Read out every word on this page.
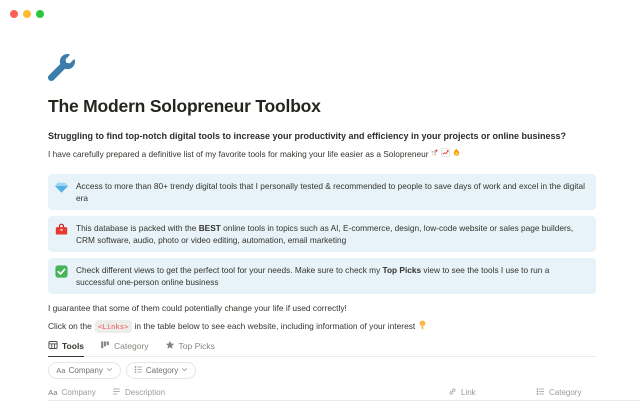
The Modern Solopreneur Toolbox

Struggling to find top-notch digital tools to increase your productivity and efficiency in your projects or online business?

I have carefully prepared a definitive list of my favorite tools for making your life easier as a Solopreneur

Access to more than 80+ trendy digital tools that I personally tested & recommended to people to save days of work and excel in the digital era
This database is packed with the BEST online tools in topics such as AI, E-commerce, design, low-code website or sales page builders, CRM software, audio, photo or video editing, automation, email marketing
Check different views to get the perfect tool for your needs. Make sure to check my Top Picks view to see the tools I use to run a successful one-person online business

I guarantee that some of them could potentially change your life if used correctly!

Click on the <Links> in the table below to see each website, including information of your interest

Tools	Category	Top Picks
Aa Company	Category
Aa Company	Description	Link	Category
